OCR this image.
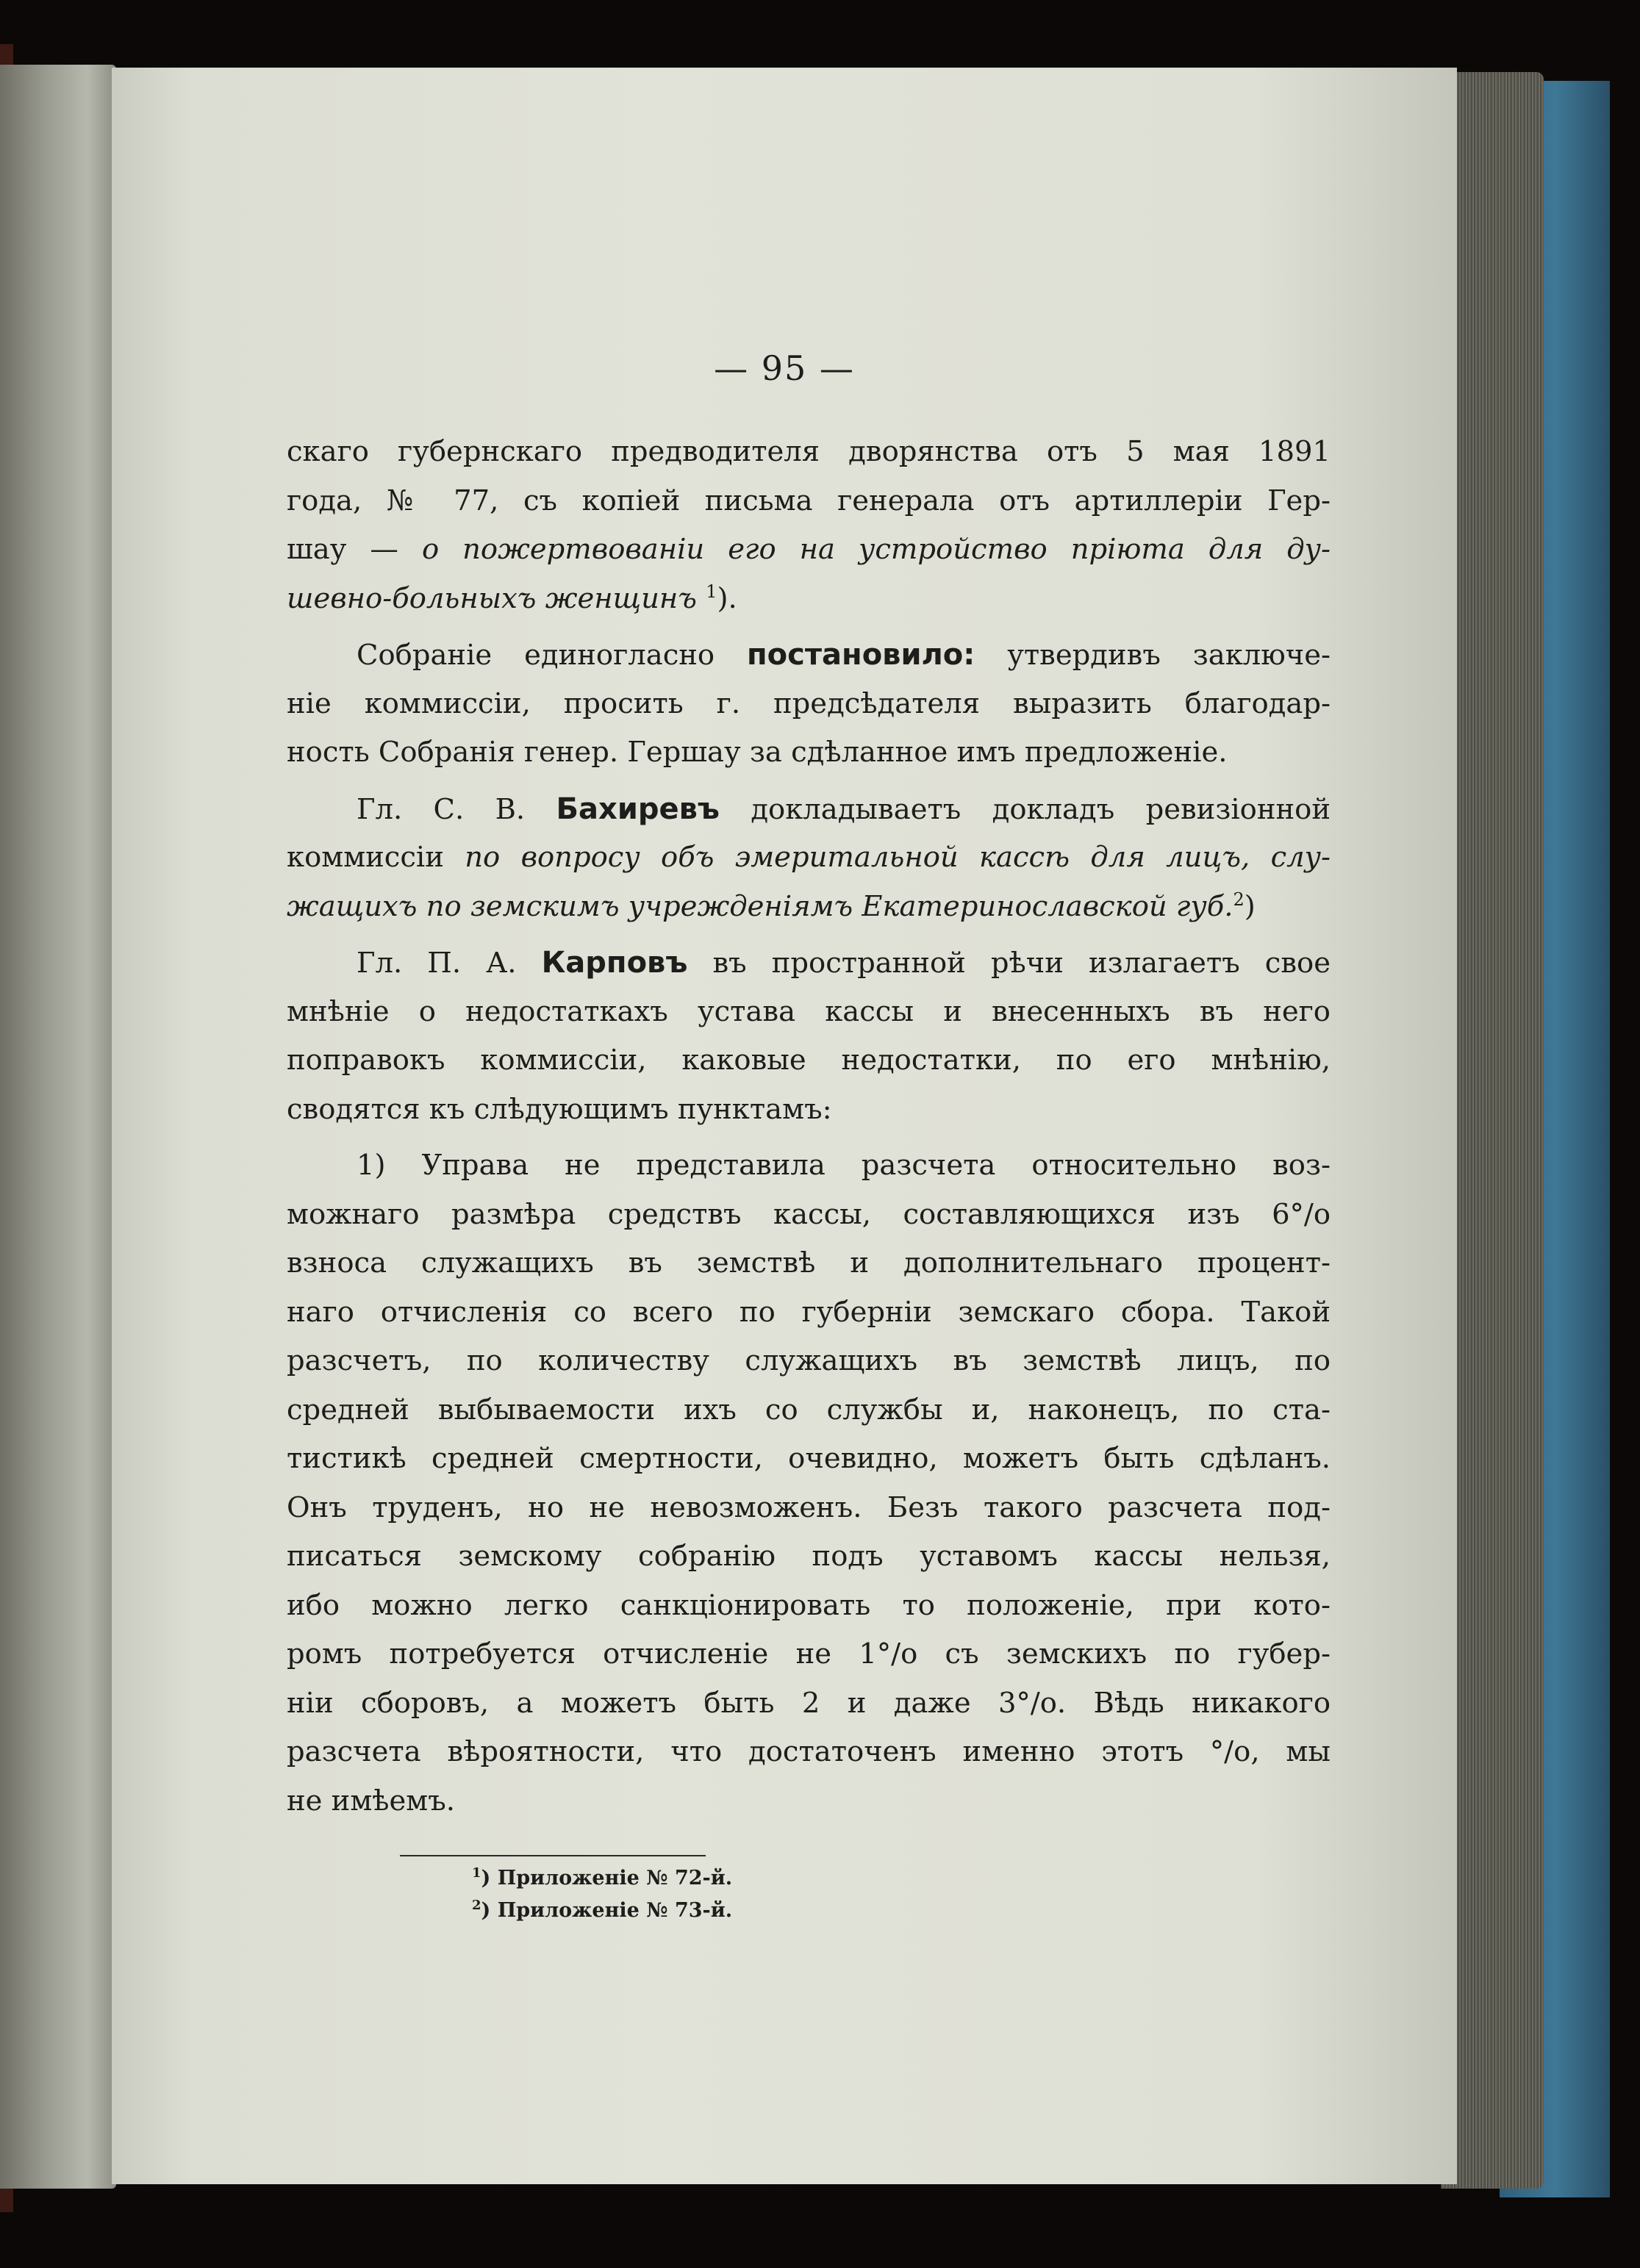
— 95 —
скаго губернскаго предводителя дворянства отъ 5 мая 1891
года, № 77, съ копіей письма генерала отъ артиллеріи Гер-
шау — о пожертвованіи его на устройство пріюта для ду-
шевно-больныхъ женщинъ $^1$).
Собраніе единогласно постановило: утвердивъ заключе-
ніе коммиссіи, просить г. предсѣдателя выразить благодар-
ность Собранія генер. Гершау за сдѣланное имъ предложеніе.
Гл. С. В. Бахиревъ докладываетъ докладъ ревизіонной
коммиссіи по вопросу объ эмеритальной кассѣ для лицъ, слу-
жащихъ по земскимъ учрежденіямъ Екатеринославской губ.$^2$)
Гл. П. А. Карповъ въ пространной рѣчи излагаетъ свое
мнѣніе о недостаткахъ устава кассы и внесенныхъ въ него
поправокъ коммиссіи, каковые недостатки, по его мнѣнію,
сводятся къ слѣдующимъ пунктамъ:
1) Управа не представила разсчета относительно воз-
можнаго размѣра средствъ кассы, составляющихся изъ 6°/о
взноса служащихъ въ земствѣ и дополнительнаго процент-
наго отчисленія со всего по губерніи земскаго сбора. Такой
разсчетъ, по количеству служащихъ въ земствѣ лицъ, по
средней выбываемости ихъ со службы и, наконецъ, по ста-
тистикѣ средней смертности, очевидно, можетъ быть сдѣланъ.
Онъ труденъ, но не невозможенъ. Безъ такого разсчета под-
писаться земскому собранію подъ уставомъ кассы нельзя,
ибо можно легко санкціонировать то положеніе, при кото-
ромъ потребуется отчисленіе не 1°/о съ земскихъ по губер-
ніи сборовъ, а можетъ быть 2 и даже 3°/о. Вѣдь никакого
разсчета вѣроятности, что достаточенъ именно этотъ °/о, мы
не имѣемъ.
$^1$) Приложеніе № 72-й.
$^2$) Приложеніе № 73-й.
